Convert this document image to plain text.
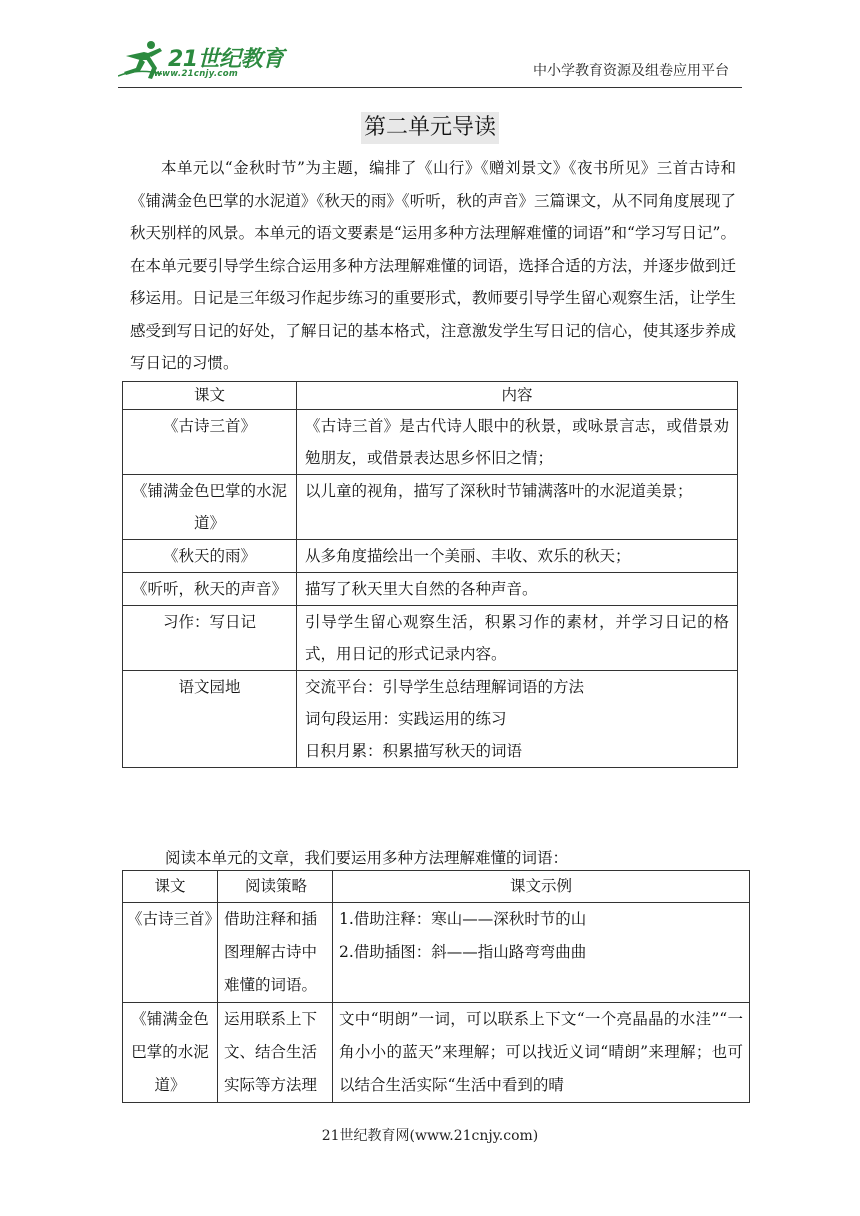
21世纪教育
www.21cnjy.com	中小学教育资源及组卷应用平台
第二单元导读

本单元以“金秋时节”为主题，编排了《山行》《赠刘景文》《夜书所见》三首古诗和《铺满金色巴掌的水泥道》《秋天的雨》《听听，秋的声音》三篇课文，从不同角度展现了秋天别样的风景。本单元的语文要素是“运用多种方法理解难懂的词语”和“学习写日记”。在本单元要引导学生综合运用多种方法理解难懂的词语，选择合适的方法，并逐步做到迁移运用。日记是三年级习作起步练习的重要形式，教师要引导学生留心观察生活，让学生感受到写日记的好处，了解日记的基本格式，注意激发学生写日记的信心，使其逐步养成写日记的习惯。

课文	内容
《古诗三首》	《古诗三首》是古代诗人眼中的秋景，或咏景言志，或借景劝勉朋友，或借景表达思乡怀旧之情；

《铺满金色巴掌的水泥道》	以儿童的视角，描写了深秋时节铺满落叶的水泥道美景；

《秋天的雨》	从多角度描绘出一个美丽、丰收、欢乐的秋天；

《听听，秋天的声音》	描写了秋天里大自然的各种声音。

习作：写日记	引导学生留心观察生活，积累习作的素材，并学习日记的格式，用日记的形式记录内容。

语文园地	交流平台：引导学生总结理解词语的方法
词句段运用：实践运用的练习
日积月累：积累描写秋天的词语
阅读本单元的文章，我们要运用多种方法理解难懂的词语：
课文	阅读策略	课文示例
《古诗三首》	借助注释和插图理解古诗中难懂的词语。	1.借助注释：寒山——深秋时节的山
2.借助插图：斜——指山路弯弯曲曲

《铺满金色巴掌的水泥道》	运用联系上下文、结合生活实际等方法理	文中“明朗”一词，可以联系上下文“一个亮晶晶的水洼”“一角小小的蓝天”来理解；可以找近义词“晴朗”来理解；也可以结合生活实际“生活中看到的晴
21世纪教育网(www.21cnjy.com)
